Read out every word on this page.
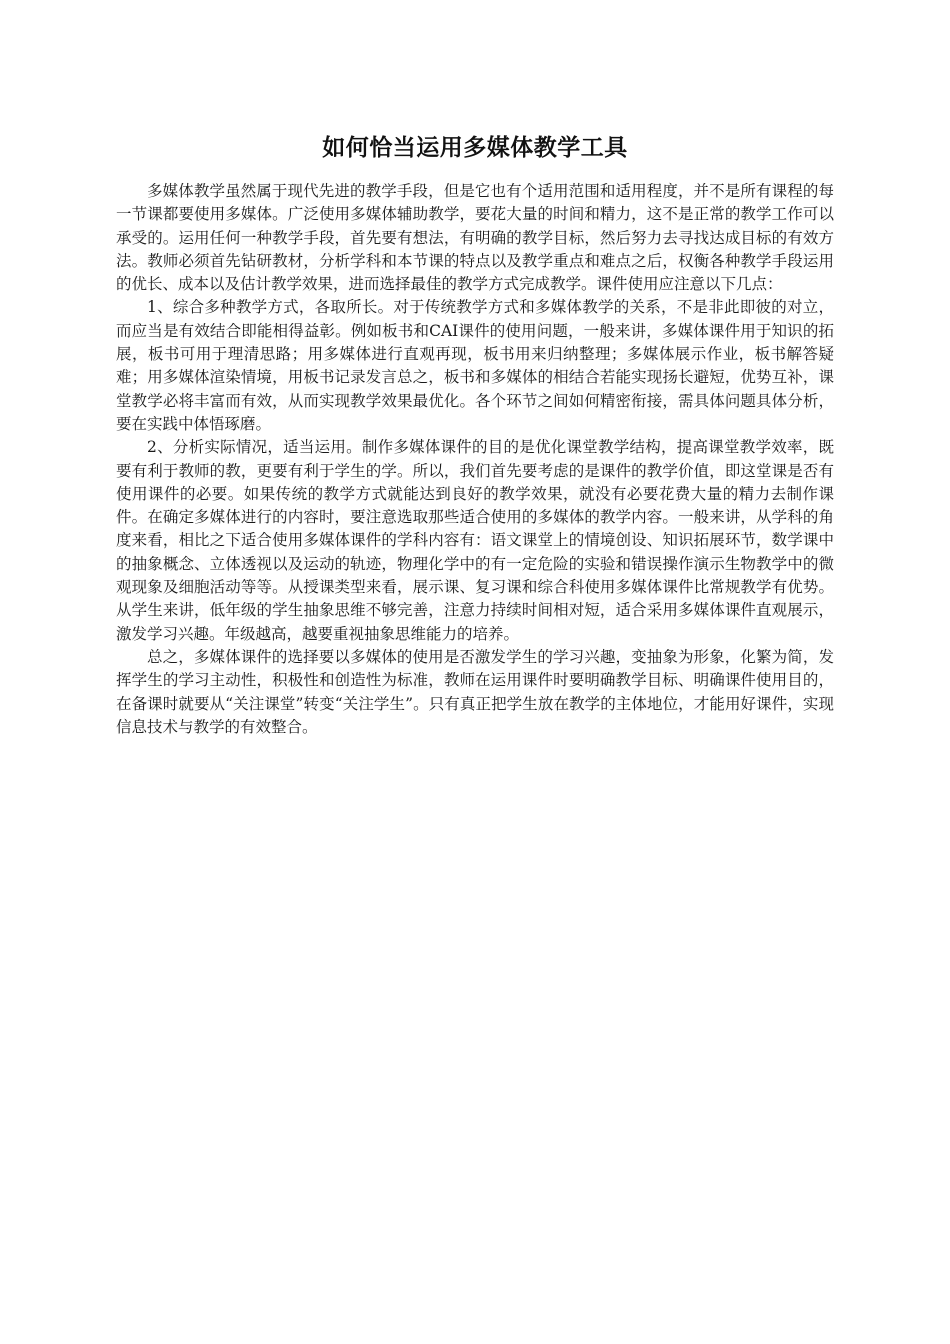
如何恰当运用多媒体教学工具

多媒体教学虽然属于现代先进的教学手段，但是它也有个适用范围和适用程度，并不是所有课程的每一节课都要使用多媒体。广泛使用多媒体辅助教学，要花大量的时间和精力，这不是正常的教学工作可以承受的。运用任何一种教学手段，首先要有想法，有明确的教学目标，然后努力去寻找达成目标的有效方法。教师必须首先钻研教材，分析学科和本节课的特点以及教学重点和难点之后，权衡各种教学手段运用的优长、成本以及估计教学效果，进而选择最佳的教学方式完成教学。课件使用应注意以下几点：

1、综合多种教学方式，各取所长。对于传统教学方式和多媒体教学的关系，不是非此即彼的对立，而应当是有效结合即能相得益彰。例如板书和CAI课件的使用问题，一般来讲，多媒体课件用于知识的拓展，板书可用于理清思路；用多媒体进行直观再现，板书用来归纳整理；多媒体展示作业，板书解答疑难；用多媒体渲染情境，用板书记录发言总之，板书和多媒体的相结合若能实现扬长避短，优势互补，课堂教学必将丰富而有效，从而实现教学效果最优化。各个环节之间如何精密衔接，需具体问题具体分析，要在实践中体悟琢磨。

2、分析实际情况，适当运用。制作多媒体课件的目的是优化课堂教学结构，提高课堂教学效率，既要有利于教师的教，更要有利于学生的学。所以，我们首先要考虑的是课件的教学价值，即这堂课是否有使用课件的必要。如果传统的教学方式就能达到良好的教学效果，就没有必要花费大量的精力去制作课件。在确定多媒体进行的内容时，要注意选取那些适合使用的多媒体的教学内容。一般来讲，从学科的角度来看，相比之下适合使用多媒体课件的学科内容有：语文课堂上的情境创设、知识拓展环节，数学课中的抽象概念、立体透视以及运动的轨迹，物理化学中的有一定危险的实验和错误操作演示生物教学中的微观现象及细胞活动等等。从授课类型来看，展示课、复习课和综合科使用多媒体课件比常规教学有优势。从学生来讲，低年级的学生抽象思维不够完善，注意力持续时间相对短，适合采用多媒体课件直观展示，激发学习兴趣。年级越高，越要重视抽象思维能力的培养。

总之，多媒体课件的选择要以多媒体的使用是否激发学生的学习兴趣，变抽象为形象，化繁为简，发挥学生的学习主动性，积极性和创造性为标准，教师在运用课件时要明确教学目标、明确课件使用目的，在备课时就要从“关注课堂”转变“关注学生”。只有真正把学生放在教学的主体地位，才能用好课件，实现信息技术与教学的有效整合。
